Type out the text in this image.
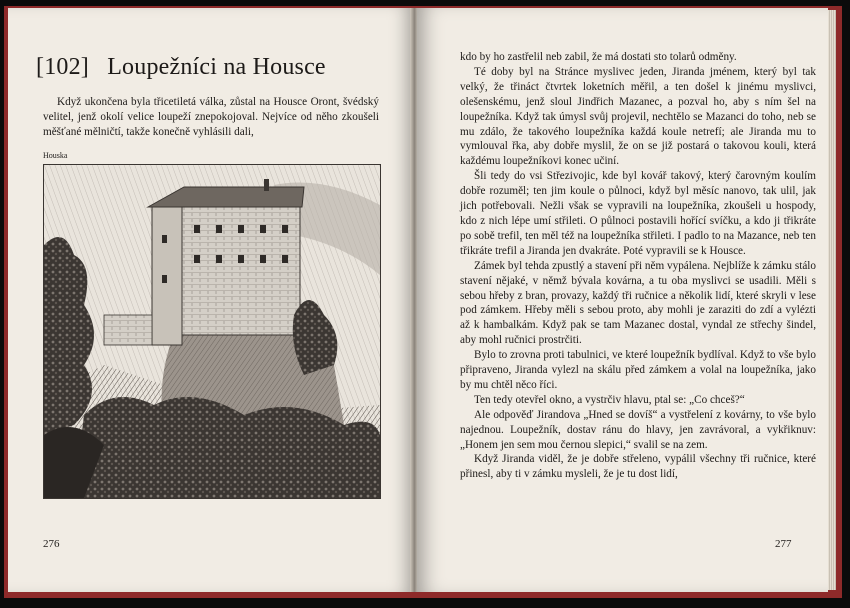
[102] Loupežníci na Housce

Když ukončena byla třicetiletá válka, zůstal na Housce Oront, švédský velitel, jenž okolí velice loupeží znepokojoval. Nejvíce od něho zkoušeli měšťané mělničtí, takže konečně vyhlásili dali,

Houska
276

kdo by ho zastřelil neb zabil, že má dostati sto tolarů odměny.

Té doby byl na Stránce myslivec jeden, Jiranda jménem, který byl tak velký, že třináct čtvrtek loketních měřil, a ten došel k jinému myslivci, olešenskému, jenž sloul Jindřich Mazanec, a pozval ho, aby s ním šel na loupežníka. Když tak úmysl svůj projevil, nechtělo se Mazanci do toho, neb se mu zdálo, že takového loupežníka každá koule netrefí; ale Jiranda mu to vymlouval řka, aby dobře myslil, že on se již postará o takovou kouli, která každému loupežníkovi konec učiní.

Šli tedy do vsi Střezivojic, kde byl kovář takový, který čarovným koulím dobře rozuměl; ten jim koule o půlnoci, když byl měsíc nanovo, tak ulil, jak jich potřebovali. Nežli však se vypravili na loupežníka, zkoušeli u hospody, kdo z nich lépe umí střileti. O půlnoci postavili hořící svíčku, a kdo ji třikráte po sobě trefil, ten měl též na loupežníka střileti. I padlo to na Mazance, neb ten třikráte trefil a Jiranda jen dvakráte. Poté vypravili se k Housce.

Zámek byl tehda zpustlý a stavení při něm vypálena. Nejblíže k zámku stálo stavení nějaké, v němž bývala kovárna, a tu oba myslivci se usadili. Měli s sebou hřeby z bran, provazy, každý tři ručnice a několik lidí, které skryli v lese pod zámkem. Hřeby měli s sebou proto, aby mohli je zaraziti do zdí a vylézti až k hambalkám. Když pak se tam Mazanec dostal, vyndal ze střechy šindel, aby mohl ručnici prostrčiti.

Bylo to zrovna proti tabulnici, ve které loupežník bydlíval. Když to vše bylo připraveno, Jiranda vylezl na skálu před zámkem a volal na loupežníka, jako by mu chtěl něco říci.

Ten tedy otevřel okno, a vystrčiv hlavu, ptal se: „Co chceš?“

Ale odpověď Jirandova „Hned se dovíš“ a vystřelení z kovárny, to vše bylo najednou. Loupežník, dostav ránu do hlavy, jen zavrávoral, a vykřiknuv: „Honem jen sem mou černou slepici,“ svalil se na zem.

Když Jiranda viděl, že je dobře střeleno, vypálil všechny tři ručnice, které přinesl, aby ti v zámku mysleli, že je tu dost lidí,

277
